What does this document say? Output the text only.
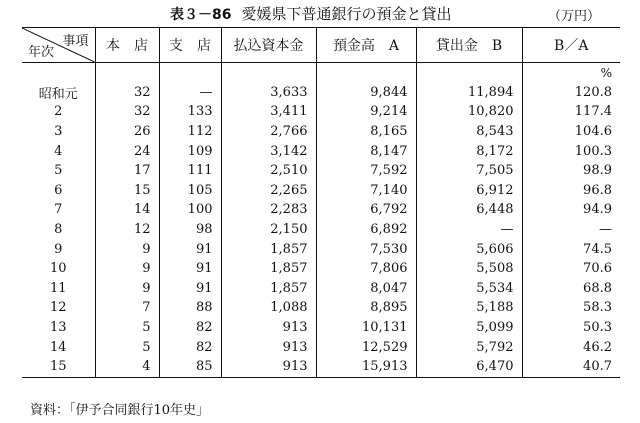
表３－86 愛媛県下普通銀行の預金と貸出	（万円）
事項
年次	本　店	支　店	払込資本金	預金高　A	貸出金　B	B／A
						%
昭和元	32	—	3,633	9,844	11,894	120.8
2	32	133	3,411	9,214	10,820	117.4
3	26	112	2,766	8,165	8,543	104.6
4	24	109	3,142	8,147	8,172	100.3
5	17	111	2,510	7,592	7,505	98.9
6	15	105	2,265	7,140	6,912	96.8
7	14	100	2,283	6,792	6,448	94.9
8	12	98	2,150	6,892	—	—
9	9	91	1,857	7,530	5,606	74.5
10	9	91	1,857	7,806	5,508	70.6
11	9	91	1,857	8,047	5,534	68.8
12	7	88	1,088	8,895	5,188	58.3
13	5	82	913	10,131	5,099	50.3
14	5	82	913	12,529	5,792	46.2
15	4	85	913	15,913	6,470	40.7
資料：「伊予合同銀行10年史」
